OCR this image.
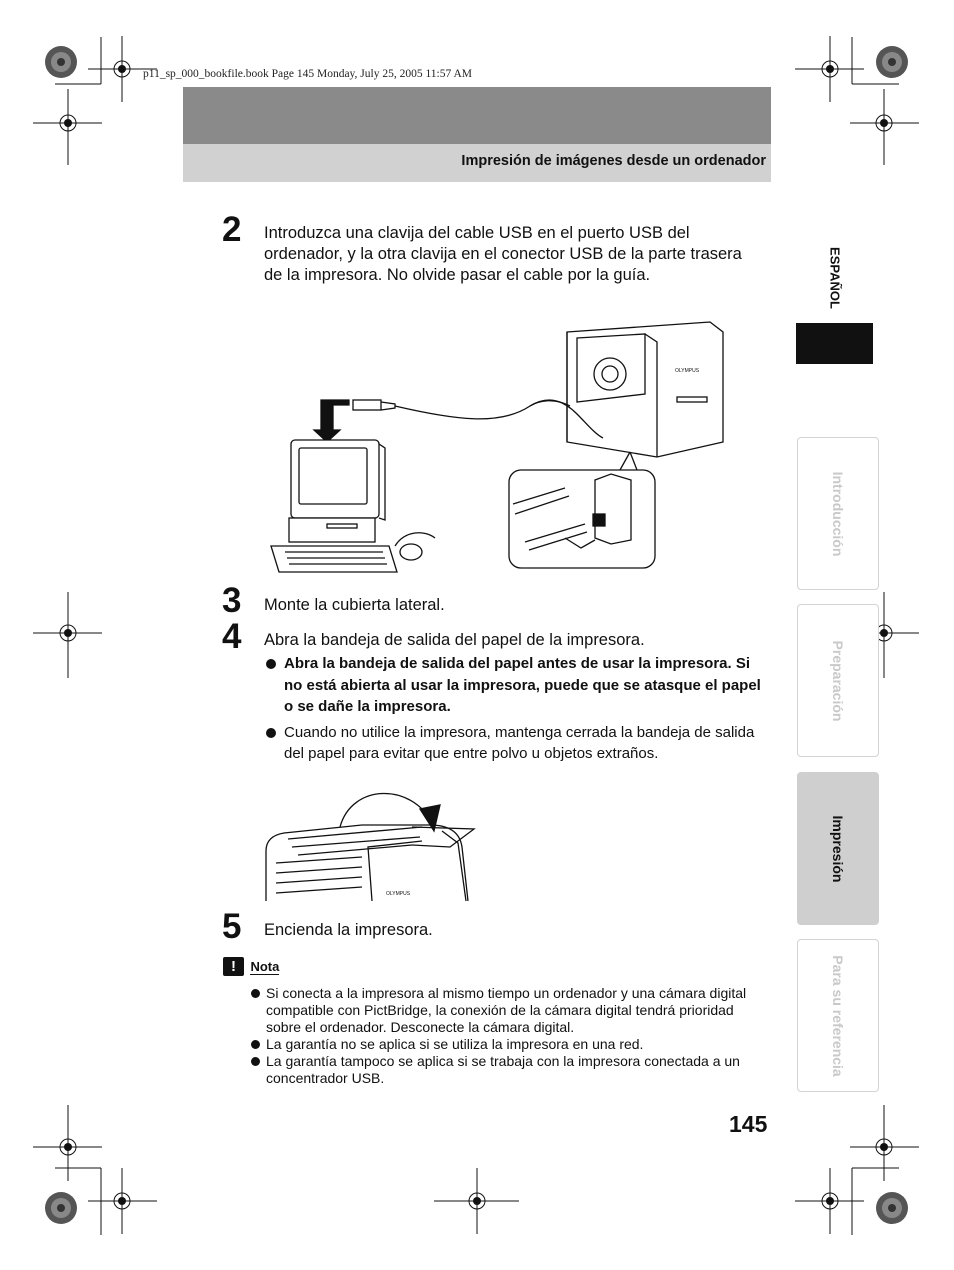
p11_sp_000_bookfile.book Page 145 Monday, July 25, 2005 11:57 AM
Impresión de imágenes desde un ordenador
2 Introduzca una clavija del cable USB en el puerto USB del ordenador, y la otra clavija en el conector USB de la parte trasera de la impresora. No olvide pasar el cable por la guía.
OLYMPUS
3 Monte la cubierta lateral.
4 Abra la bandeja de salida del papel de la impresora.
Abra la bandeja de salida del papel antes de usar la impresora. Si no está abierta al usar la impresora, puede que se atasque el papel o se dañe la impresora.
Cuando no utilice la impresora, mantenga cerrada la bandeja de salida del papel para evitar que entre polvo u objetos extraños.
OLYMPUS
5 Encienda la impresora.
! Nota
Si conecta a la impresora al mismo tiempo un ordenador y una cámara digital compatible con PictBridge, la conexión de la cámara digital tendrá prioridad sobre el ordenador. Desconecte la cámara digital.
La garantía no se aplica si se utiliza la impresora en una red.
La garantía tampoco se aplica si se trabaja con la impresora conectada a un concentrador USB.
145
ESPAÑOL
Introducción
Preparación
Impresión
Para su referencia
